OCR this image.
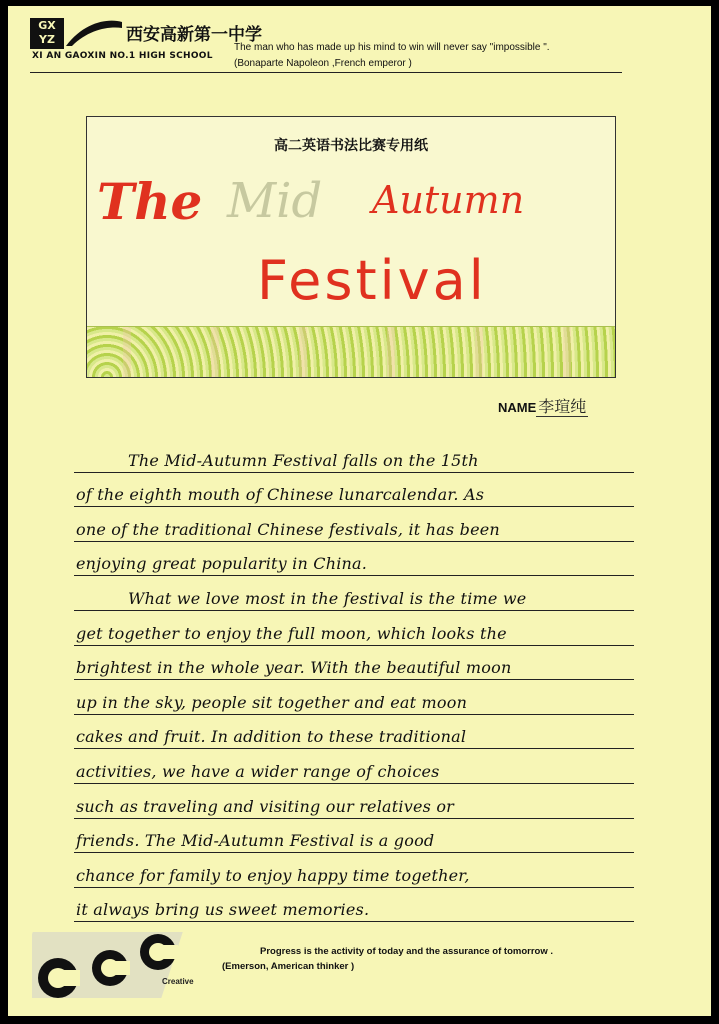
GX YZ	西安高新第一中学
XI AN GAOXIN NO.1 HIGH SCHOOL
The man who has made up his mind to win will never say "impossible ".
(Bonaparte Napoleon ,French emperor )
高二英语书法比赛专用纸
The Mid Autumn
Festival
NAME 李瑄纯
The Mid-Autumn Festival falls on the 15th
of the eighth mouth of Chinese lunarcalendar. As
one of the traditional Chinese festivals, it has been
enjoying great popularity in China.
What we love most in the festival is the time we
get together to enjoy the full moon, which looks the
brightest in the whole year. With the beautiful moon
up in the sky, people sit together and eat moon
cakes and fruit. In addition to these traditional
activities, we have a wider range of choices
such as traveling and visiting our relatives or
friends. The Mid-Autumn Festival is a good
chance for family to enjoy happy time together,
it always bring us sweet memories.
Creative
Progress is the activity of today and the assurance of tomorrow .
(Emerson, American thinker )
